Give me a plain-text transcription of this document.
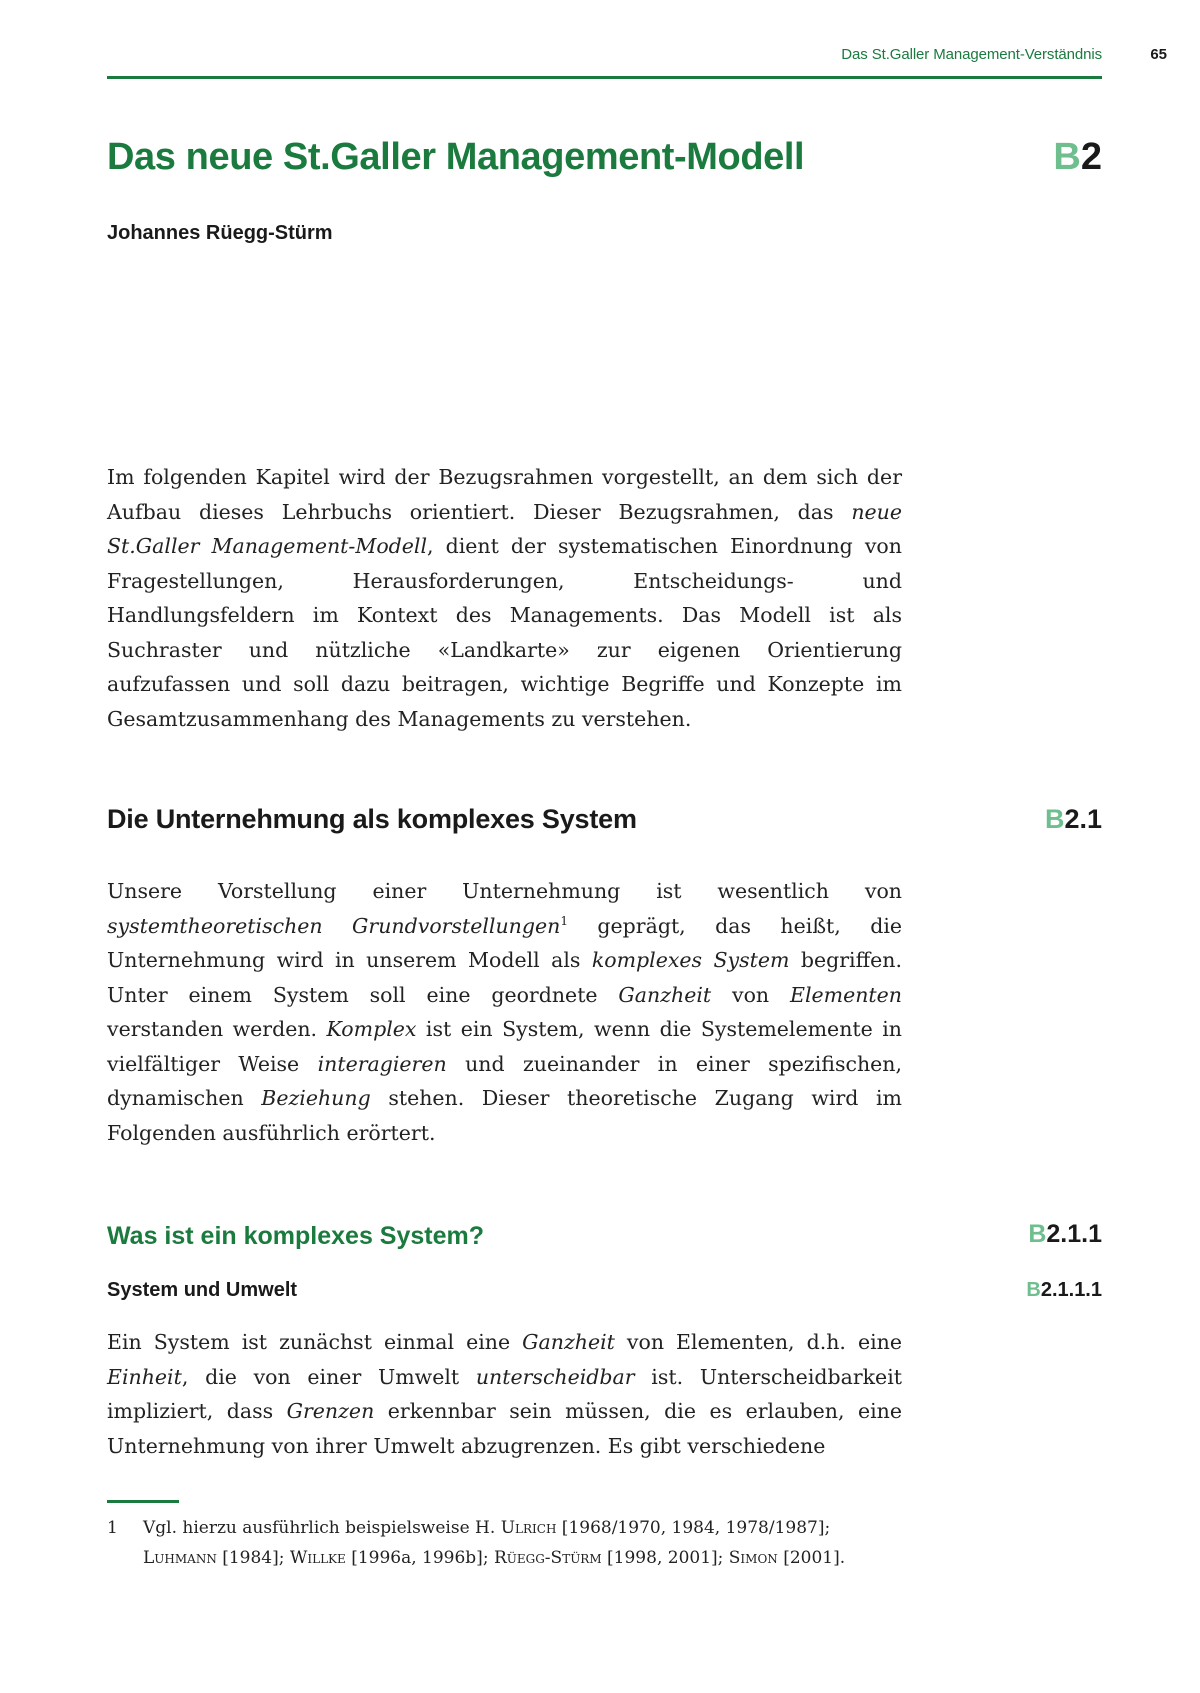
Das St.Galler Management-Verständnis	65
Das neue St.Galler Management-Modell	B2
Johannes Rüegg-Stürm

Im folgenden Kapitel wird der Bezugsrahmen vorgestellt, an dem sich der Aufbau dieses Lehrbuchs orientiert. Dieser Bezugsrahmen, das neue St.Galler Management-Modell, dient der systematischen Einordnung von Fragestellungen, Herausforderungen, Entscheidungs- und Handlungsfeldern im Kontext des Managements. Das Modell ist als Suchraster und nützliche «Landkarte» zur eigenen Orientierung aufzufassen und soll dazu beitragen, wichtige Begriffe und Konzepte im Gesamtzusammenhang des Managements zu verstehen.

Die Unternehmung als komplexes System	B2.1

Unsere Vorstellung einer Unternehmung ist wesentlich von systemtheoretischen Grundvorstellungen$^1$ geprägt, das heißt, die Unternehmung wird in unserem Modell als komplexes System begriffen. Unter einem System soll eine geordnete Ganzheit von Elementen verstanden werden. Komplex ist ein System, wenn die Systemelemente in vielfältiger Weise interagieren und zueinander in einer spezifischen, dynamischen Beziehung stehen. Dieser theoretische Zugang wird im Folgenden ausführlich erörtert.

Was ist ein komplexes System?	B2.1.1
System und Umwelt	B2.1.1.1

Ein System ist zunächst einmal eine Ganzheit von Elementen, d.h. eine Einheit, die von einer Umwelt unterscheidbar ist. Unterscheidbarkeit impliziert, dass Grenzen erkennbar sein müssen, die es erlauben, eine Unternehmung von ihrer Umwelt abzugrenzen. Es gibt verschiedene

1	Vgl. hierzu ausführlich beispielsweise H. Ulrich [1968/1970, 1984, 1978/1987]; Luhmann [1984]; Willke [1996a, 1996b]; Rüegg-Stürm [1998, 2001]; Simon [2001].
